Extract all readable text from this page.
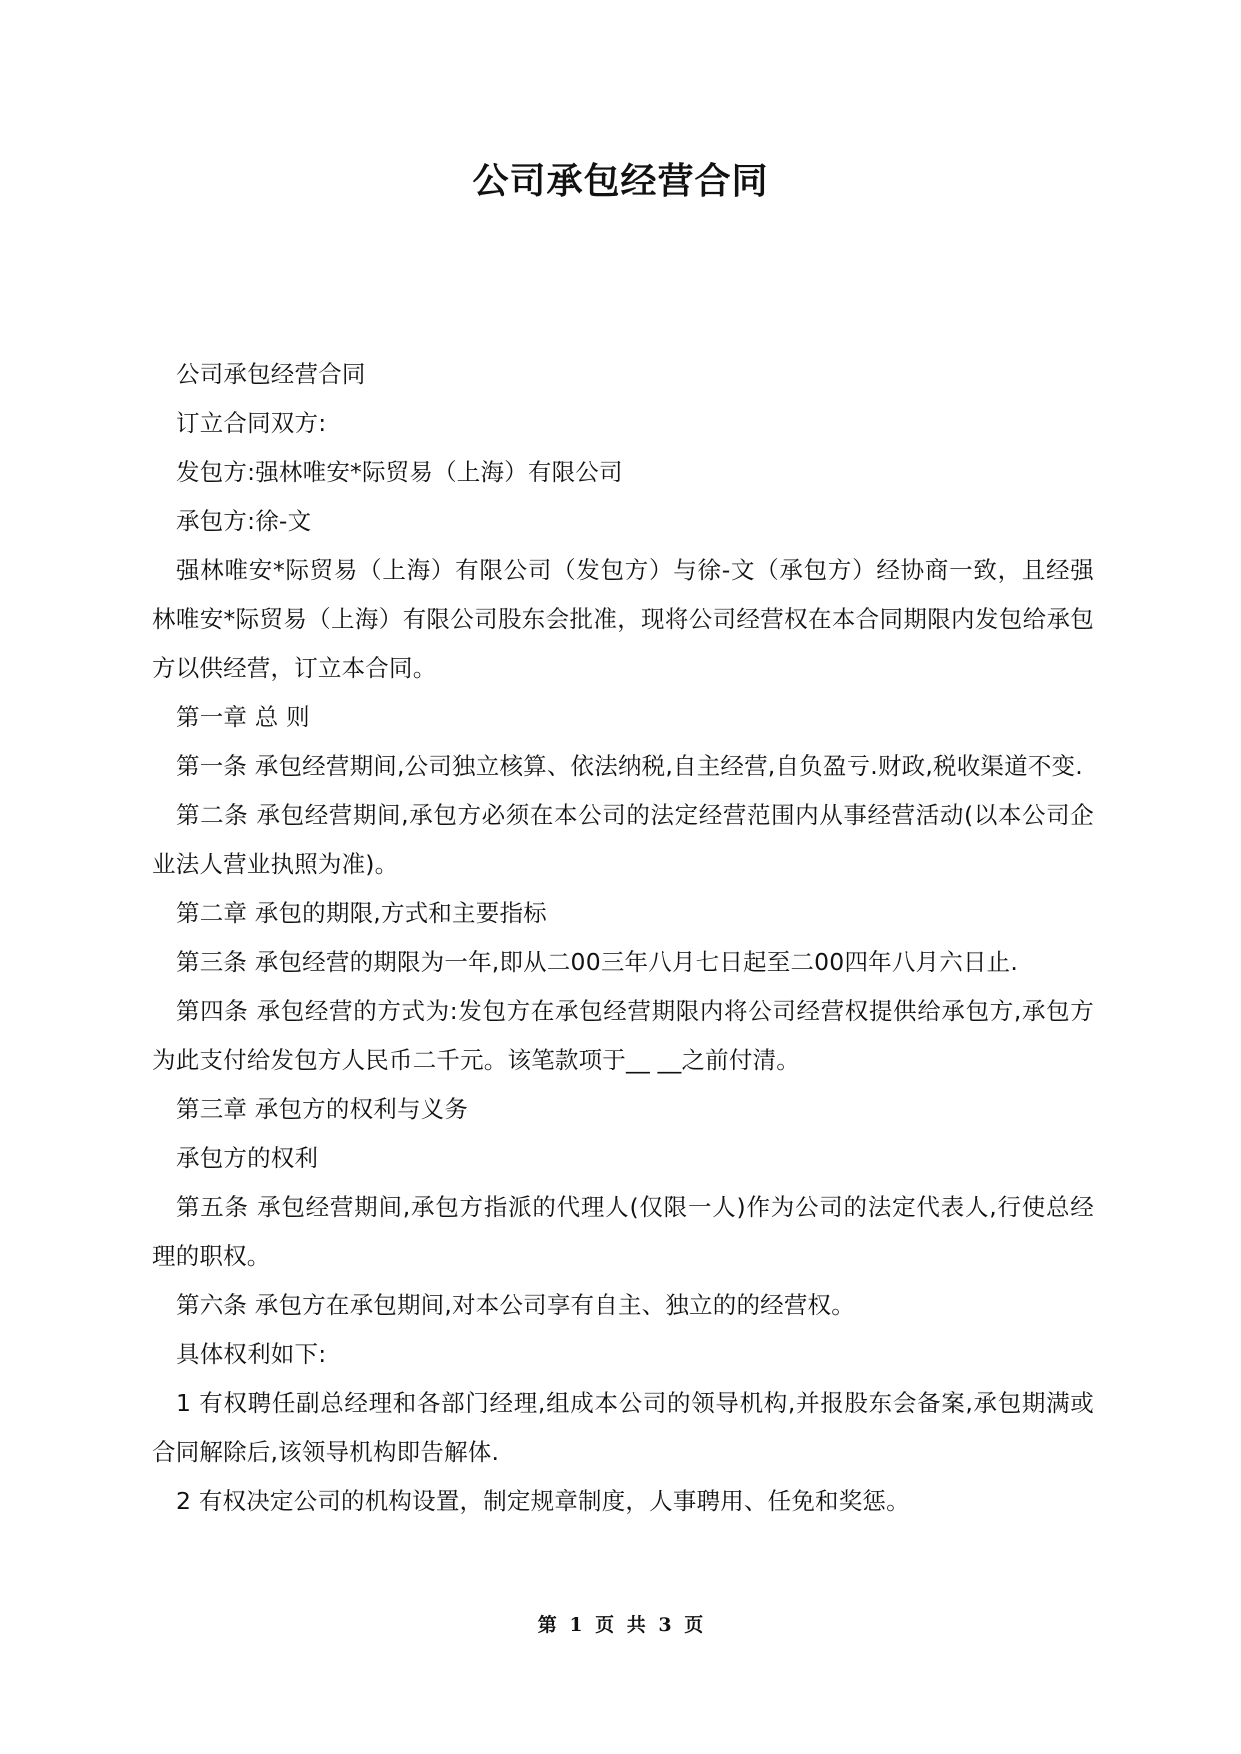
公司承包经营合同

公司承包经营合同

订立合同双方:

发包方:强林唯安*际贸易（上海）有限公司

承包方:徐-文

强林唯安*际贸易（上海）有限公司（发包方）与徐-文（承包方）经协商一致，且经强林唯安*际贸易（上海）有限公司股东会批准，现将公司经营权在本合同期限内发包给承包方以供经营，订立本合同。

第一章 总 则

第一条 承包经营期间,公司独立核算、依法纳税,自主经营,自负盈亏.财政,税收渠道不变.

第二条 承包经营期间,承包方必须在本公司的法定经营范围内从事经营活动(以本公司企业法人营业执照为准)。

第二章 承包的期限,方式和主要指标

第三条 承包经营的期限为一年,即从二00三年八月七日起至二00四年八月六日止.

第四条 承包经营的方式为:发包方在承包经营期限内将公司经营权提供给承包方,承包方为此支付给发包方人民币二千元。该笔款项于__ __之前付清。

第三章 承包方的权利与义务

承包方的权利

第五条 承包经营期间,承包方指派的代理人(仅限一人)作为公司的法定代表人,行使总经理的职权。

第六条 承包方在承包期间,对本公司享有自主、独立的的经营权。

具体权利如下:

1 有权聘任副总经理和各部门经理,组成本公司的领导机构,并报股东会备案,承包期满或合同解除后,该领导机构即告解体.

2 有权决定公司的机构设置，制定规章制度，人事聘用、任免和奖惩。

第 1 页 共 3 页
